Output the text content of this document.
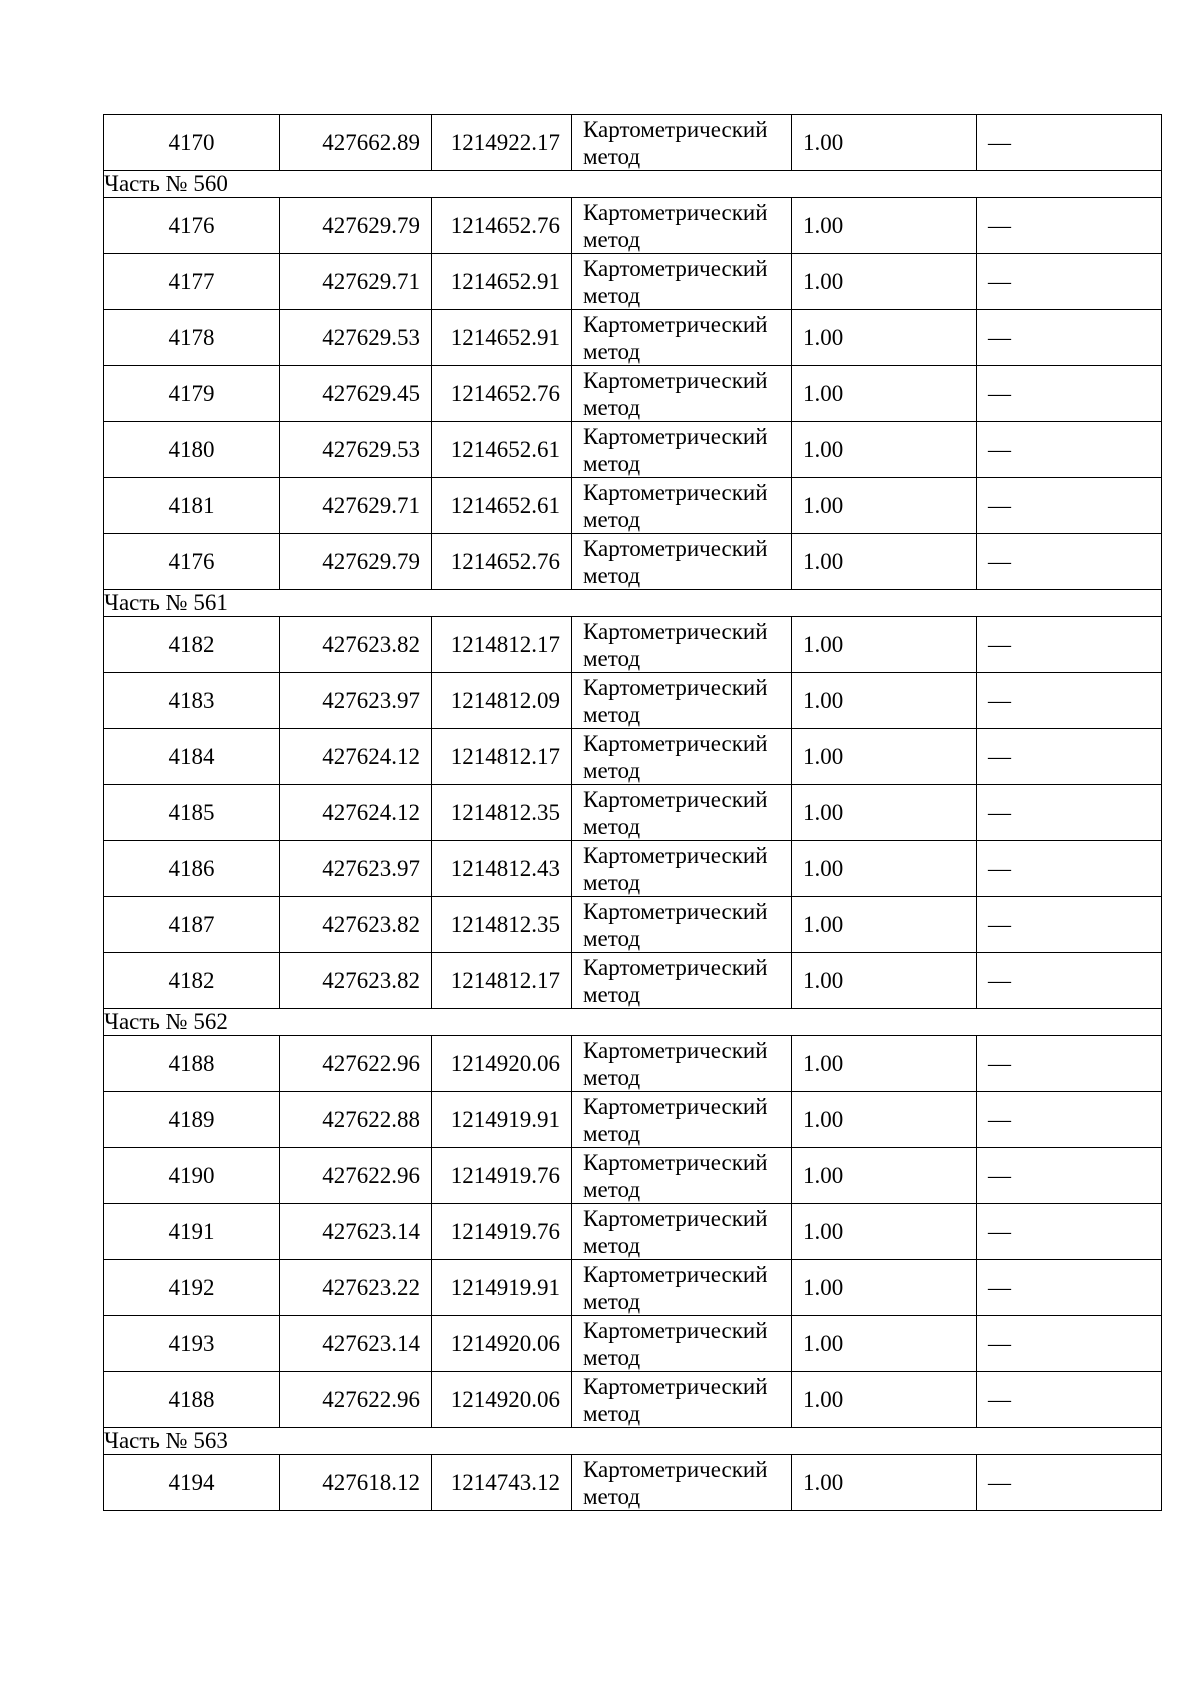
4170	427662.89	1214922.17	Картометрический метод	1.00	—
Часть № 560					
4176	427629.79	1214652.76	Картометрический метод	1.00	—
4177	427629.71	1214652.91	Картометрический метод	1.00	—
4178	427629.53	1214652.91	Картометрический метод	1.00	—
4179	427629.45	1214652.76	Картометрический метод	1.00	—
4180	427629.53	1214652.61	Картометрический метод	1.00	—
4181	427629.71	1214652.61	Картометрический метод	1.00	—
4176	427629.79	1214652.76	Картометрический метод	1.00	—
Часть № 561					
4182	427623.82	1214812.17	Картометрический метод	1.00	—
4183	427623.97	1214812.09	Картометрический метод	1.00	—
4184	427624.12	1214812.17	Картометрический метод	1.00	—
4185	427624.12	1214812.35	Картометрический метод	1.00	—
4186	427623.97	1214812.43	Картометрический метод	1.00	—
4187	427623.82	1214812.35	Картометрический метод	1.00	—
4182	427623.82	1214812.17	Картометрический метод	1.00	—
Часть № 562					
4188	427622.96	1214920.06	Картометрический метод	1.00	—
4189	427622.88	1214919.91	Картометрический метод	1.00	—
4190	427622.96	1214919.76	Картометрический метод	1.00	—
4191	427623.14	1214919.76	Картометрический метод	1.00	—
4192	427623.22	1214919.91	Картометрический метод	1.00	—
4193	427623.14	1214920.06	Картометрический метод	1.00	—
4188	427622.96	1214920.06	Картометрический метод	1.00	—
Часть № 563					
4194	427618.12	1214743.12	Картометрический метод	1.00	—
